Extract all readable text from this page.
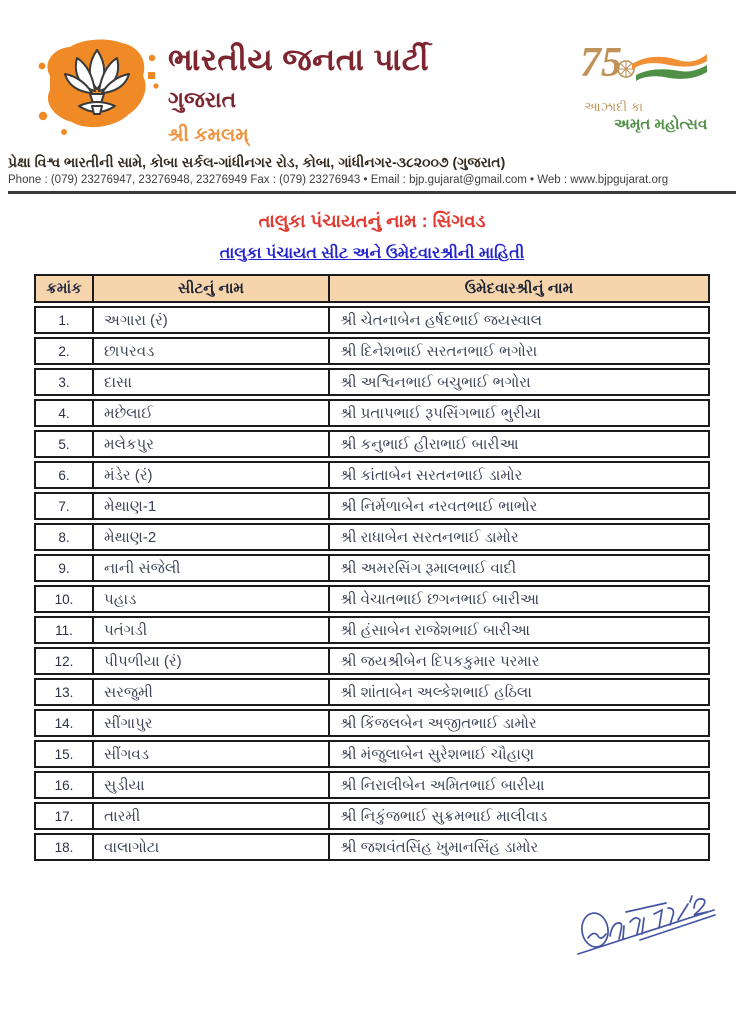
ભારતીય જનતા પાર્ટી
ગુજરાત
શ્રી કમલમ્
75
આઝાદી કા
અમૃત મહોત્સવ
પ્રેક્ષા વિશ્વ ભારતીની સામે, કોબા સર્કલ-ગાંધીનગર રોડ, કોબા, ગાંધીનગર-૩૮૨૦૦૭ (ગુજરાત)
Phone : (079) 23276947, 23276948, 23276949 Fax : (079) 23276943 • Email : bjp.gujarat@gmail.com • Web : www.bjpgujarat.org
તાલુકા પંચાયતનું નામ : સિંગવડ
તાલુકા પંચાયત સીટ અને ઉમેદવારશ્રીની માહિતી
ક્રમાંક	સીટનું નામ	ઉમેદવારશ્રીનું નામ
1.	અગારા (રં)	શ્રી ચેતનાબેન હર્ષદભાઈ જયસ્વાલ
2.	છાપરવડ	શ્રી દિનેશભાઈ સરતનભાઈ ભગોરા
3.	દાસા	શ્રી અશ્વિનભાઈ બચુભાઈ ભગોરા
4.	મછેલાઈ	શ્રી પ્રતાપભાઈ રૂપસિંગભાઈ ભુરીયા
5.	મલેકપુર	શ્રી કનુભાઈ હીરાભાઈ બારીઆ
6.	મંડેર (રં)	શ્રી કાંતાબેન સરતનભાઈ ડામોર
7.	મેથાણ-1	શ્રી નિર્મળાબેન નરવતભાઈ ભાભોર
8.	મેથાણ-2	શ્રી રાધાબેન સરતનભાઈ ડામોર
9.	નાની સંજેલી	શ્રી અમરસિંગ રૂમાલભાઈ વાદી
10.	પહાડ	શ્રી વેચાતભાઈ છગનભાઈ બારીઆ
11.	પતંગડી	શ્રી હંસાબેન રાજેશભાઈ બારીઆ
12.	પીપળીયા (રં)	શ્રી જયશ્રીબેન દિપકકુમાર પરમાર
13.	સરજુમી	શ્રી શાંતાબેન અલ્કેશભાઈ હઠિલા
14.	સીંગાપુર	શ્રી કિંજલબેન અજીતભાઈ ડામોર
15.	સીંગવડ	શ્રી મંજુલાબેન સુરેશભાઈ ચૌહાણ
16.	સુડીયા	શ્રી નિરાલીબેન અમિતભાઈ બારીયા
17.	તારમી	શ્રી નિકુંજભાઈ સુક્રમભાઈ માલીવાડ
18.	વાલાગોટા	શ્રી જશવંતસિંહ ખુમાનસિંહ ડામોર
